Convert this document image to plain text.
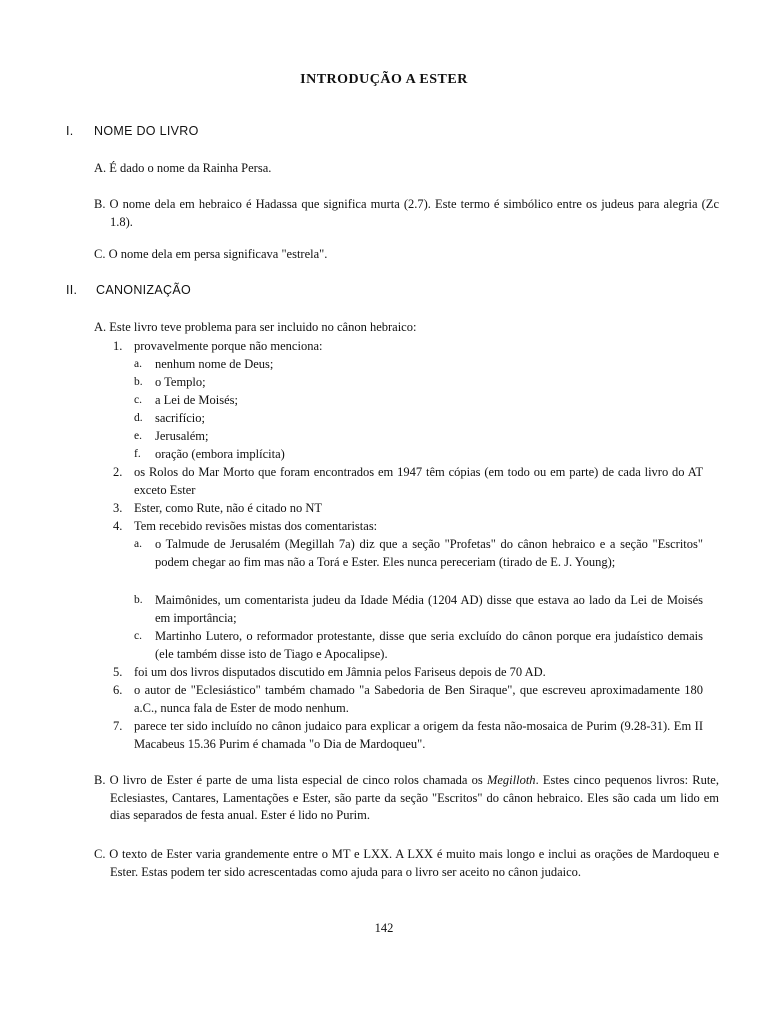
INTRODUÇÃO A ESTER
I. NOME DO LIVRO
A. É dado o nome da Rainha Persa.
B. O nome dela em hebraico é Hadassa que significa murta (2.7). Este termo é simbólico entre os judeus para alegria (Zc 1.8).
C. O nome dela em persa significava "estrela".
II. CANONIZAÇÃO
A. Este livro teve problema para ser incluido no cânon hebraico:
1. provavelmente porque não menciona:
a. nenhum nome de Deus;
b. o Templo;
c. a Lei de Moisés;
d. sacrifício;
e. Jerusalém;
f. oração (embora implícita)
2. os Rolos do Mar Morto que foram encontrados em 1947 têm cópias (em todo ou em parte) de cada livro do AT exceto Ester
3. Ester, como Rute, não é citado no NT
4. Tem recebido revisões mistas dos comentaristas:
a. o Talmude de Jerusalém (Megillah 7a) diz que a seção "Profetas" do cânon hebraico e a seção "Escritos" podem chegar ao fim mas não a Torá e Ester. Eles nunca pereceriam (tirado de E. J. Young);
b. Maimônides, um comentarista judeu da Idade Média (1204 AD) disse que estava ao lado da Lei de Moisés em importância;
c. Martinho Lutero, o reformador protestante, disse que seria excluído do cânon porque era judaístico demais (ele também disse isto de Tiago e Apocalipse).
5. foi um dos livros disputados discutido em Jâmnia pelos Fariseus depois de 70 AD.
6. o autor de "Eclesiástico" também chamado "a Sabedoria de Ben Siraque", que escreveu aproximadamente 180 a.C., nunca fala de Ester de modo nenhum.
7. parece ter sido incluído no cânon judaico para explicar a origem da festa não-mosaica de Purim (9.28-31). Em II Macabeus 15.36 Purim é chamada "o Dia de Mardoqueu".
B. O livro de Ester é parte de uma lista especial de cinco rolos chamada os Megilloth. Estes cinco pequenos livros: Rute, Eclesiastes, Cantares, Lamentações e Ester, são parte da seção "Escritos" do cânon hebraico. Eles são cada um lido em dias separados de festa anual. Ester é lido no Purim.
C. O texto de Ester varia grandemente entre o MT e LXX. A LXX é muito mais longo e inclui as orações de Mardoqueu e Ester. Estas podem ter sido acrescentadas como ajuda para o livro ser aceito no cânon judaico.
142
